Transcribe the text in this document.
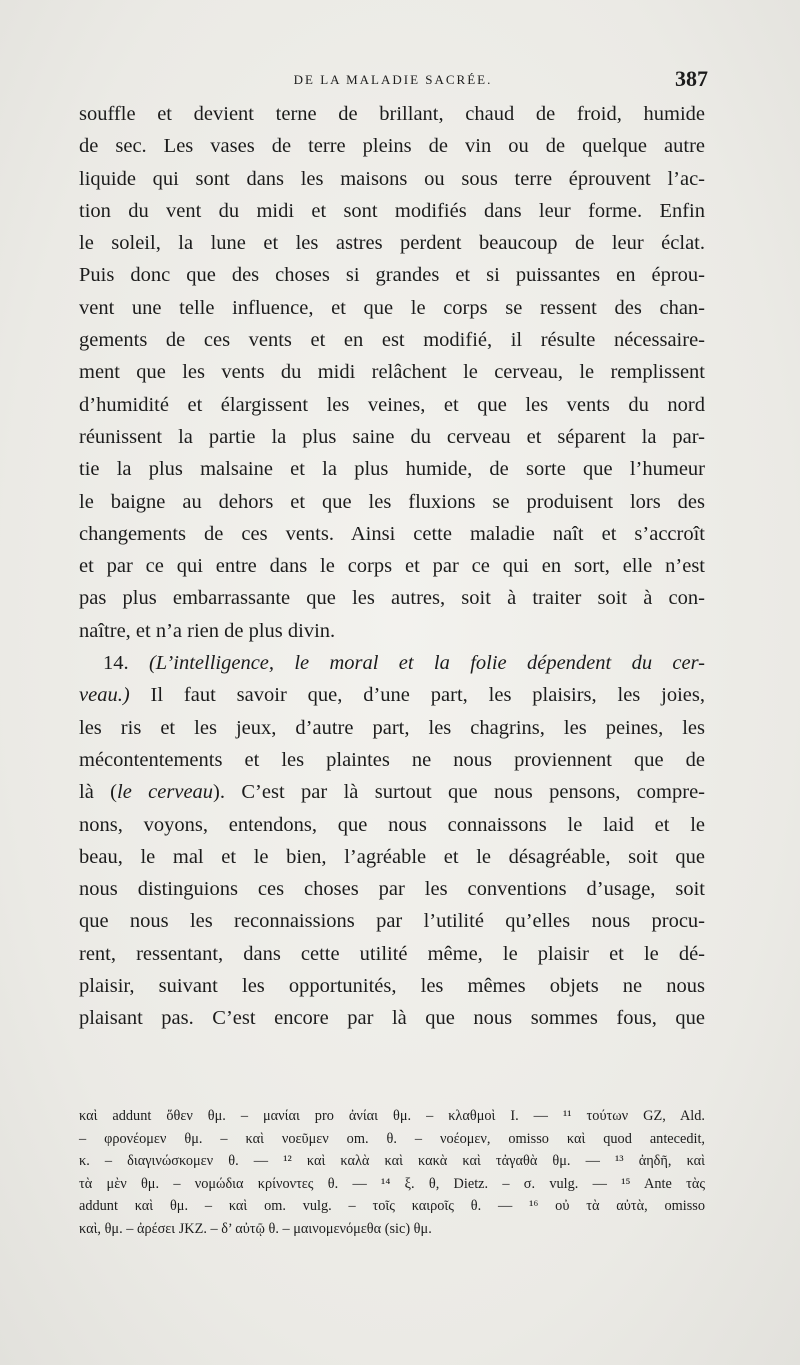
DE LA MALADIE SACRÉE.	387

souffle et devient terne de brillant, chaud de froid, humide
de sec. Les vases de terre pleins de vin ou de quelque autre
liquide qui sont dans les maisons ou sous terre éprouvent l’ac-
tion du vent du midi et sont modifiés dans leur forme. Enfin
le soleil, la lune et les astres perdent beaucoup de leur éclat.
Puis donc que des choses si grandes et si puissantes en éprou-
vent une telle influence, et que le corps se ressent des chan-
gements de ces vents et en est modifié, il résulte nécessaire-
ment que les vents du midi relâchent le cerveau, le remplissent
d’humidité et élargissent les veines, et que les vents du nord
réunissent la partie la plus saine du cerveau et séparent la par-
tie la plus malsaine et la plus humide, de sorte que l’humeur
le baigne au dehors et que les fluxions se produisent lors des
changements de ces vents. Ainsi cette maladie naît et s’accroît
et par ce qui entre dans le corps et par ce qui en sort, elle n’est
pas plus embarrassante que les autres, soit à traiter soit à con-
naître, et n’a rien de plus divin.

14. (L’intelligence, le moral et la folie dépendent du cer-
veau.) Il faut savoir que, d’une part, les plaisirs, les joies,
les ris et les jeux, d’autre part, les chagrins, les peines, les
mécontentements et les plaintes ne nous proviennent que de
là (le cerveau). C’est par là surtout que nous pensons, compre-
nons, voyons, entendons, que nous connaissons le laid et le
beau, le mal et le bien, l’agréable et le désagréable, soit que
nous distinguions ces choses par les conventions d’usage, soit
que nous les reconnaissions par l’utilité qu’elles nous procu-
rent, ressentant, dans cette utilité même, le plaisir et le dé-
plaisir, suivant les opportunités, les mêmes objets ne nous
plaisant pas. C’est encore par là que nous sommes fous, que

καὶ addunt ὅθεν θμ. – μανίαι pro ἀνίαι θμ. – κλαθμοὶ I. — ¹¹ τούτων GZ, Ald.
– φρονέομεν θμ. – καὶ νοεῦμεν om. θ. – νοέομεν, omisso καὶ quod antecedit,
κ. – διαγινώσκομεν θ. — ¹² καὶ καλὰ καὶ κακὰ καὶ τἀγαθὰ θμ. — ¹³ ἀηδῆ, καὶ
τὰ μὲν θμ. – νομώδια κρίνοντες θ. — ¹⁴ ξ. θ, Dietz. – σ. vulg. — ¹⁵ Ante τὰς
addunt καὶ θμ. – καὶ om. vulg. – τοῖς καιροῖς θ. — ¹⁶ οὐ τὰ αὐτὰ, omisso
καὶ, θμ. – ἀρέσει JKZ. – δ’ αὐτῷ θ. – μαινομενόμεθα (sic) θμ.
